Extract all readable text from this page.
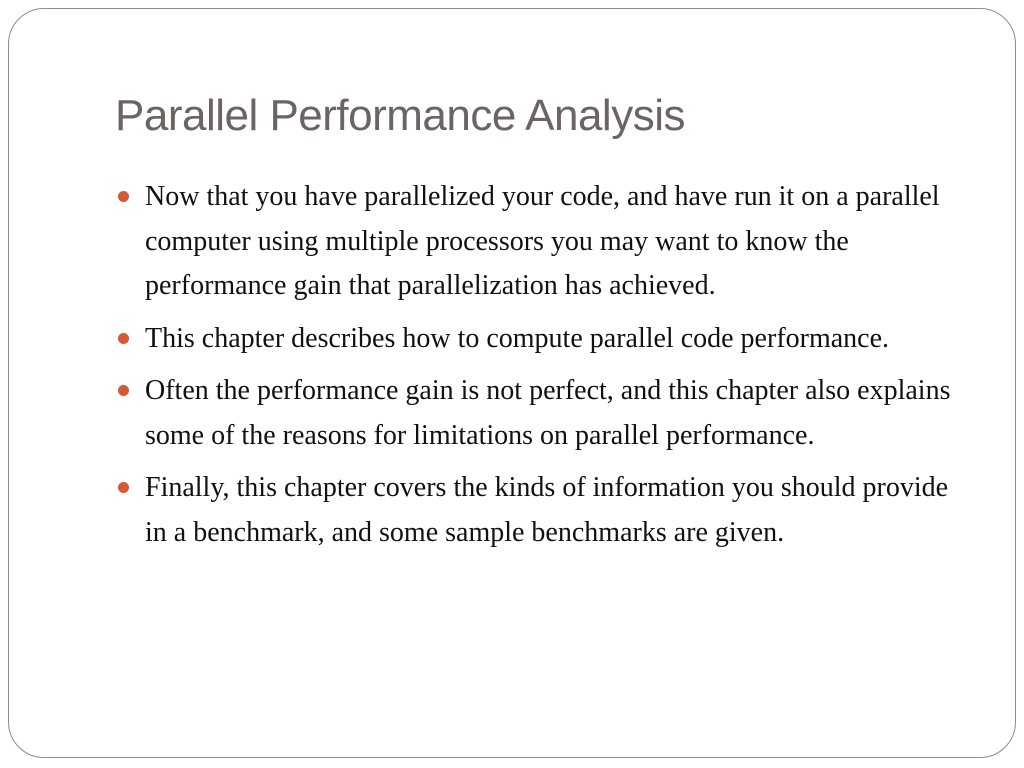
Parallel Performance Analysis
Now that you have parallelized your code, and have run it on a parallel computer using multiple processors you may want to know the performance gain that parallelization has achieved.
This chapter describes how to compute parallel code performance.
Often the performance gain is not perfect, and this chapter also explains some of the reasons for limitations on parallel performance.
Finally, this chapter covers the kinds of information you should provide in a benchmark, and some sample benchmarks are given.
